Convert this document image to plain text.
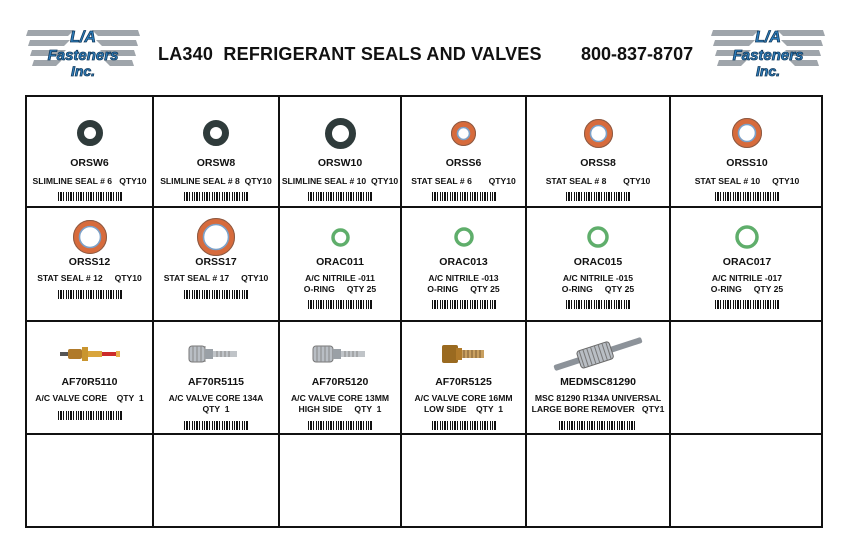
L/A
Fasteners
Inc.
L/A
Fasteners
Inc.
LA340  REFRIGERANT SEALS AND VALVES 800-837-8707
ORSW6
SLIMLINE SEAL # 6   QTY10
ORSW8
SLIMLINE SEAL # 8  QTY10
ORSW10
SLIMLINE SEAL # 10  QTY10
ORSS6
STAT SEAL # 6       QTY10
ORSS8
STAT SEAL # 8       QTY10
ORSS10
STAT SEAL # 10     QTY10
ORSS12
STAT SEAL # 12     QTY10
ORSS17
STAT SEAL # 17     QTY10
ORAC011
A/C NITRILE -011
O-RING     QTY 25
ORAC013
A/C NITRILE -013
O-RING     QTY 25
ORAC015
A/C NITRILE -015
O-RING     QTY 25
ORAC017
A/C NITRILE -017
O-RING     QTY 25
AF70R5110
A/C VALVE CORE    QTY  1
AF70R5115
A/C VALVE CORE 134A
QTY  1
AF70R5120
A/C VALVE CORE 13MM
HIGH SIDE     QTY  1
AF70R5125
A/C VALVE CORE 16MM
LOW SIDE    QTY  1
MEDMSC81290
MSC 81290 R134A UNIVERSAL
LARGE BORE REMOVER   QTY1
